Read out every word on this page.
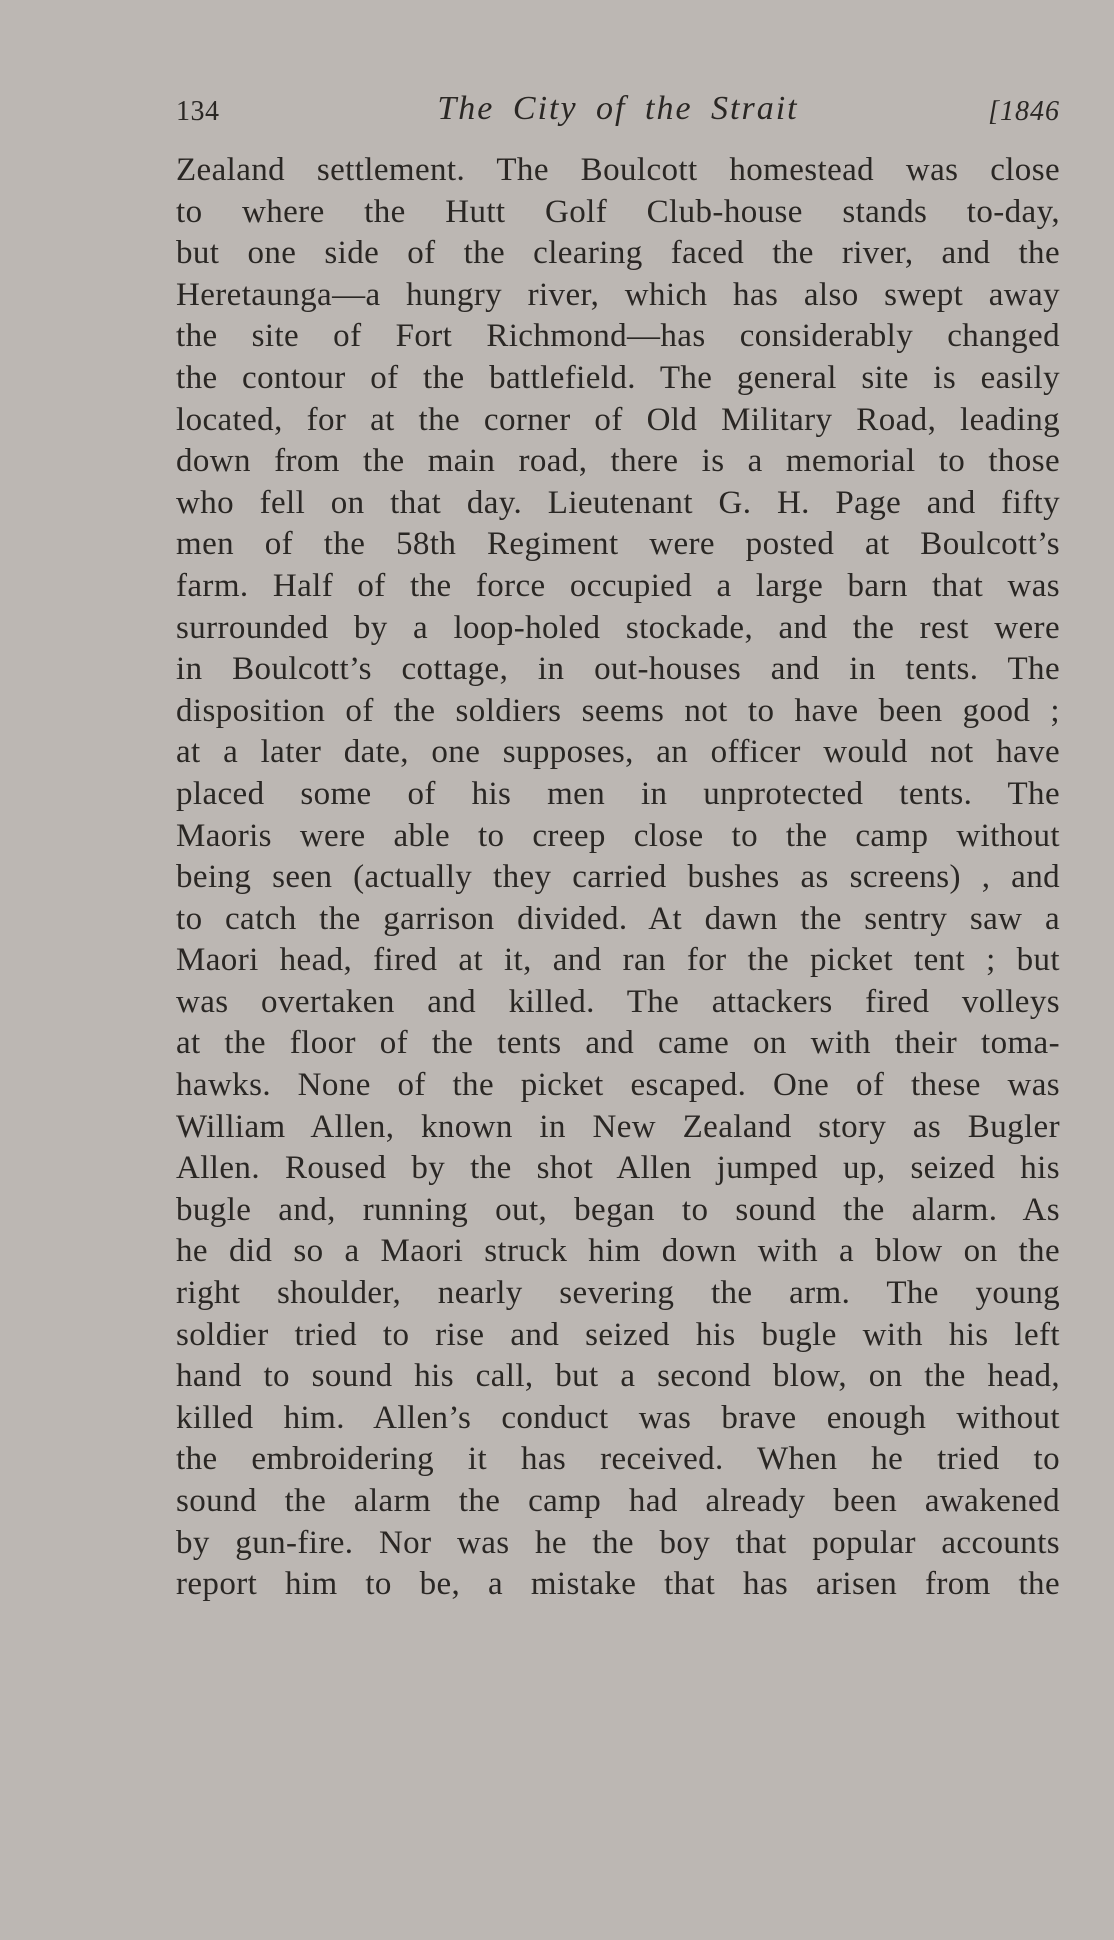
134	The City of the Strait	[1846
Zealand settlement. The Boulcott homestead was close
to where the Hutt Golf Club-house stands to-day,
but one side of the clearing faced the river, and the
Heretaunga—a hungry river, which has also swept away
the site of Fort Richmond—has considerably changed
the contour of the battlefield. The general site is easily
located, for at the corner of Old Military Road, leading
down from the main road, there is a memorial to those
who fell on that day. Lieutenant G. H. Page and fifty
men of the 58th Regiment were posted at Boulcott’s
farm. Half of the force occupied a large barn that was
surrounded by a loop-holed stockade, and the rest were
in Boulcott’s cottage, in out-houses and in tents. The
disposition of the soldiers seems not to have been good ;
at a later date, one supposes, an officer would not have
placed some of his men in unprotected tents. The
Maoris were able to creep close to the camp without
being seen (actually they carried bushes as screens) , and
to catch the garrison divided. At dawn the sentry saw a
Maori head, fired at it, and ran for the picket tent ; but
was overtaken and killed. The attackers fired volleys
at the floor of the tents and came on with their toma-
hawks. None of the picket escaped. One of these was
William Allen, known in New Zealand story as Bugler
Allen. Roused by the shot Allen jumped up, seized his
bugle and, running out, began to sound the alarm. As
he did so a Maori struck him down with a blow on the
right shoulder, nearly severing the arm. The young
soldier tried to rise and seized his bugle with his left
hand to sound his call, but a second blow, on the head,
killed him. Allen’s conduct was brave enough without
the embroidering it has received. When he tried to
sound the alarm the camp had already been awakened
by gun-fire. Nor was he the boy that popular accounts
report him to be, a mistake that has arisen from the
